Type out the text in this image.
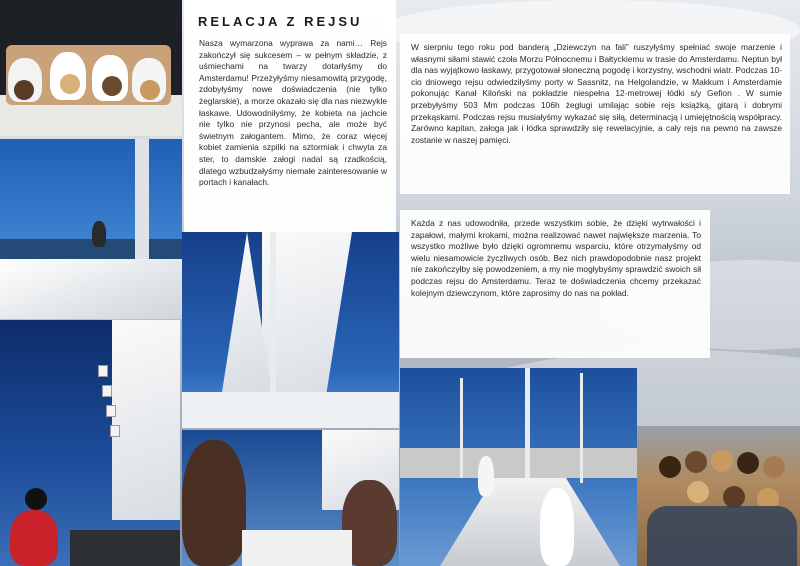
RELACJA Z REJSU

Nasza wymarzona wyprawa za nami… Rejs zakończył się sukcesem – w pełnym składzie, z uśmiechami na twarzy dotarłyśmy do Amsterdamu! Przeżyłyśmy niesamowitą przygodę, zdobyłyśmy nowe doświadczenia (nie tylko żeglarskie), a morze okazało się dla nas niezwykle łaskawe. Udowodniłyśmy, że kobieta na jachcie nie tylko nie przynosi pecha, ale może być świetnym załogantem. Mimo, że coraz więcej kobiet zamienia szpilki na sztormiak i chwyta za ster, to damskie załogi nadal są rzadkością, dlatego wzbudzałyśmy niemałe zainteresowanie w portach i kanałach.

W sierpniu tego roku pod banderą „Dziewczyn na fali” ruszyłyśmy spełniać swoje marzenie i własnymi siłami stawić czoła Morzu Północnemu i Bałtyckiemu w trasie do Amsterdamu. Neptun był dla nas wyjątkowo łaskawy, przygotował słoneczną pogodę i korzystny, wschodni wiatr. Podczas 10-cio dniowego rejsu odwiedziłyśmy porty w Sassnitz, na Helgolandzie, w Makkum i Amsterdamie pokonując Kanał Kiloński na pokładzie niespełna 12-metrowej łódki s/y Gefion . W sumie przebyłyśmy 503 Mm podczas 106h żeglugi umilając sobie rejs książką, gitarą i dobrymi przekąskami. Podczas rejsu musiałyśmy wykazać się siłą, determinacją i umiejętnością współpracy. Zarówno kapitan, załoga jak i łódka sprawdziły się rewelacyjnie, a cały rejs na pewno na zawsze zostanie w naszej pamięci.

Każda z nas udowodniła, przede wszystkim sobie, że dzięki wytrwałości i zapałowi, małymi krokami, można realizować nawet największe marzenia. To wszystko możliwe było dzięki ogromnemu wsparciu, które otrzymałyśmy od wielu niesamowicie życzliwych osób. Bez nich prawdopodobnie nasz projekt nie zakończyłby się powodzeniem, a my nie mogłybyśmy sprawdzić swoich sił podczas rejsu do Amsterdamu. Teraz te doświadczenia chcemy przekazać kolejnym dziewczynom, które zaprosimy do nas na pokład.
